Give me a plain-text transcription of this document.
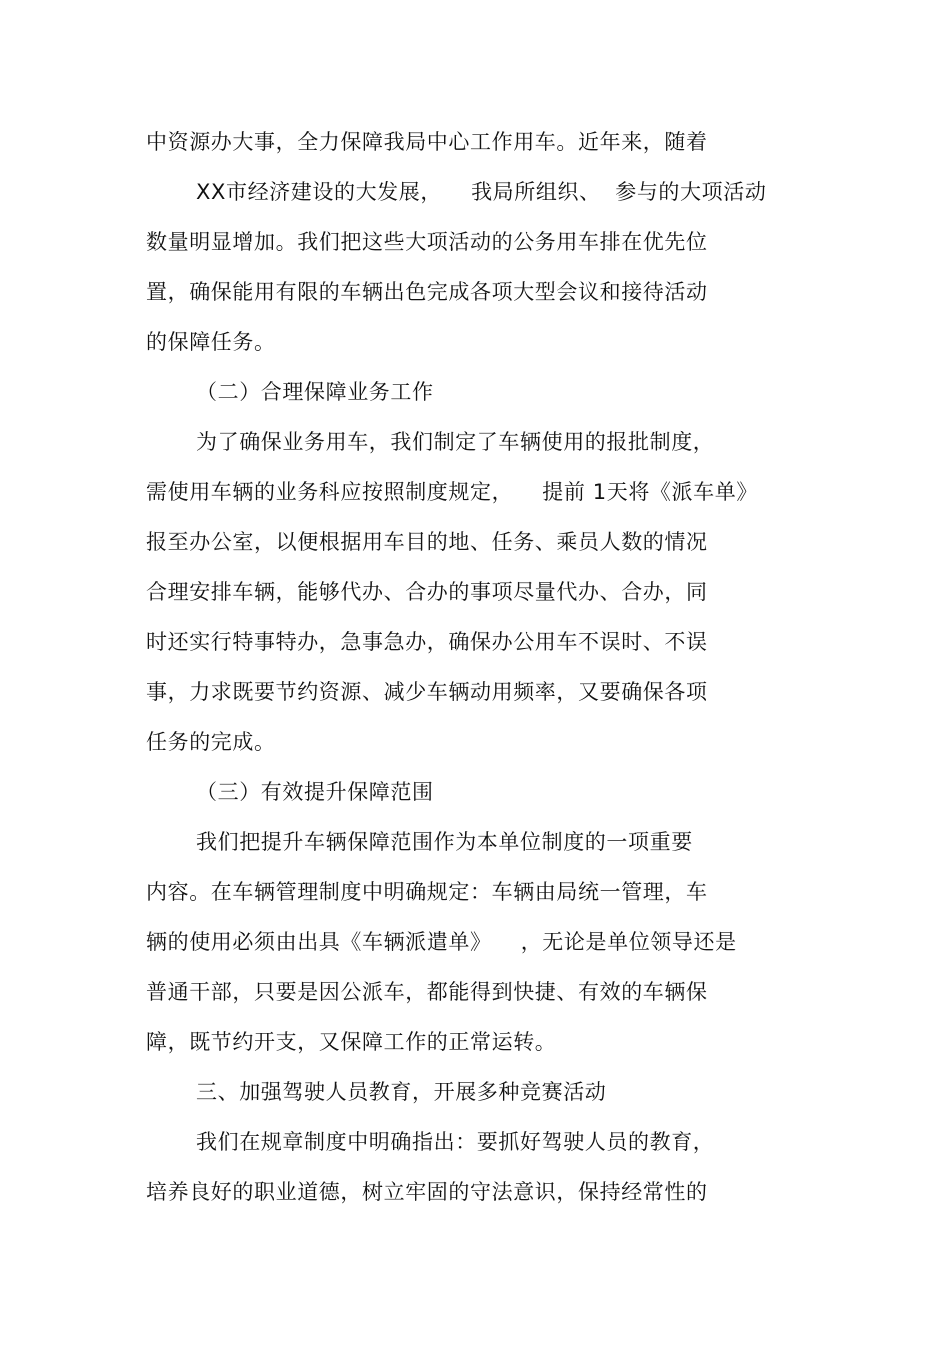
中资源办大事，全力保障我局中心工作用车。近年来，随着
XX市经济建设的大发展，    我局所组织、  参与的大项活动
数量明显增加。我们把这些大项活动的公务用车排在优先位
置，确保能用有限的车辆出色完成各项大型会议和接待活动
的保障任务。
（二）合理保障业务工作
为了确保业务用车，我们制定了车辆使用的报批制度，
需使用车辆的业务科应按照制度规定，    提前 1天将《派车单》
报至办公室，以便根据用车目的地、任务、乘员人数的情况
合理安排车辆，能够代办、合办的事项尽量代办、合办，同
时还实行特事特办，急事急办，确保办公用车不误时、不误
事，力求既要节约资源、减少车辆动用频率，又要确保各项
任务的完成。
（三）有效提升保障范围
我们把提升车辆保障范围作为本单位制度的一项重要
内容。在车辆管理制度中明确规定：车辆由局统一管理，车
辆的使用必须由出具《车辆派遣单》    ，无论是单位领导还是
普通干部，只要是因公派车，都能得到快捷、有效的车辆保
障，既节约开支，又保障工作的正常运转。
三、加强驾驶人员教育，开展多种竞赛活动
我们在规章制度中明确指出：要抓好驾驶人员的教育，
培养良好的职业道德，树立牢固的守法意识，保持经常性的
